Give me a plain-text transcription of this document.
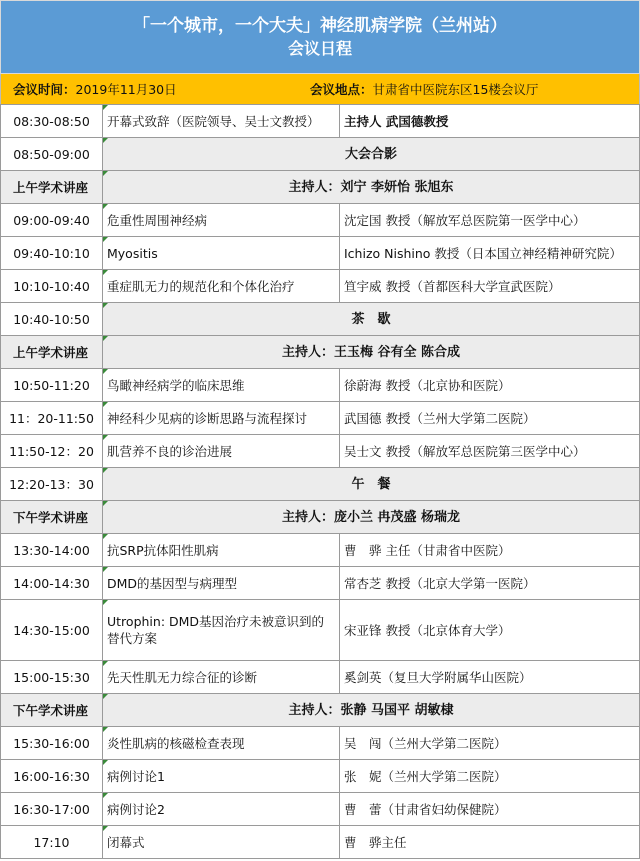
「一个城市，一个大夫」神经肌病学院（兰州站）
会议日程
会议时间：2019年11月30日	会议地点：甘肃省中医院东区15楼会议厅
08:30-08:50	开幕式致辞（医院领导、吴士文教授）	主持人 武国德教授
08:50-09:00	大会合影	
上午学术讲座	主持人：刘宁 李妍怡 张旭东	
09:00-09:40	危重性周围神经病	沈定国 教授（解放军总医院第一医学中心）
09:40-10:10	Myositis	Ichizo Nishino 教授（日本国立神经精神研究院）
10:10-10:40	重症肌无力的规范化和个体化治疗	笪宇威 教授（首都医科大学宣武医院）
10:40-10:50	茶　歇	
上午学术讲座	主持人：王玉梅 谷有全 陈合成	
10:50-11:20	鸟瞰神经病学的临床思维	徐蔚海 教授（北京协和医院）
11：20-11:50	神经科少见病的诊断思路与流程探讨	武国德 教授（兰州大学第二医院）
11:50-12：20	肌营养不良的诊治进展	吴士文 教授（解放军总医院第三医学中心）
12:20-13：30	午　餐	
下午学术讲座	主持人：庞小兰 冉茂盛 杨瑞龙	
13:30-14:00	抗SRP抗体阳性肌病	曹　骅 主任（甘肃省中医院）
14:00-14:30	DMD的基因型与病理型	常杏芝 教授（北京大学第一医院）
14:30-15:00	Utrophin: DMD基因治疗未被意识到的替代方案	宋亚锋 教授（北京体育大学）
15:00-15:30	先天性肌无力综合征的诊断	奚剑英（复旦大学附属华山医院）
下午学术讲座	主持人：张静 马国平 胡敏棣	
15:30-16:00	炎性肌病的核磁检查表现	吴　闯（兰州大学第二医院）
16:00-16:30	病例讨论1	张　妮（兰州大学第二医院）
16:30-17:00	病例讨论2	曹　蕾（甘肃省妇幼保健院）
17:10	闭幕式	曹　骅主任
